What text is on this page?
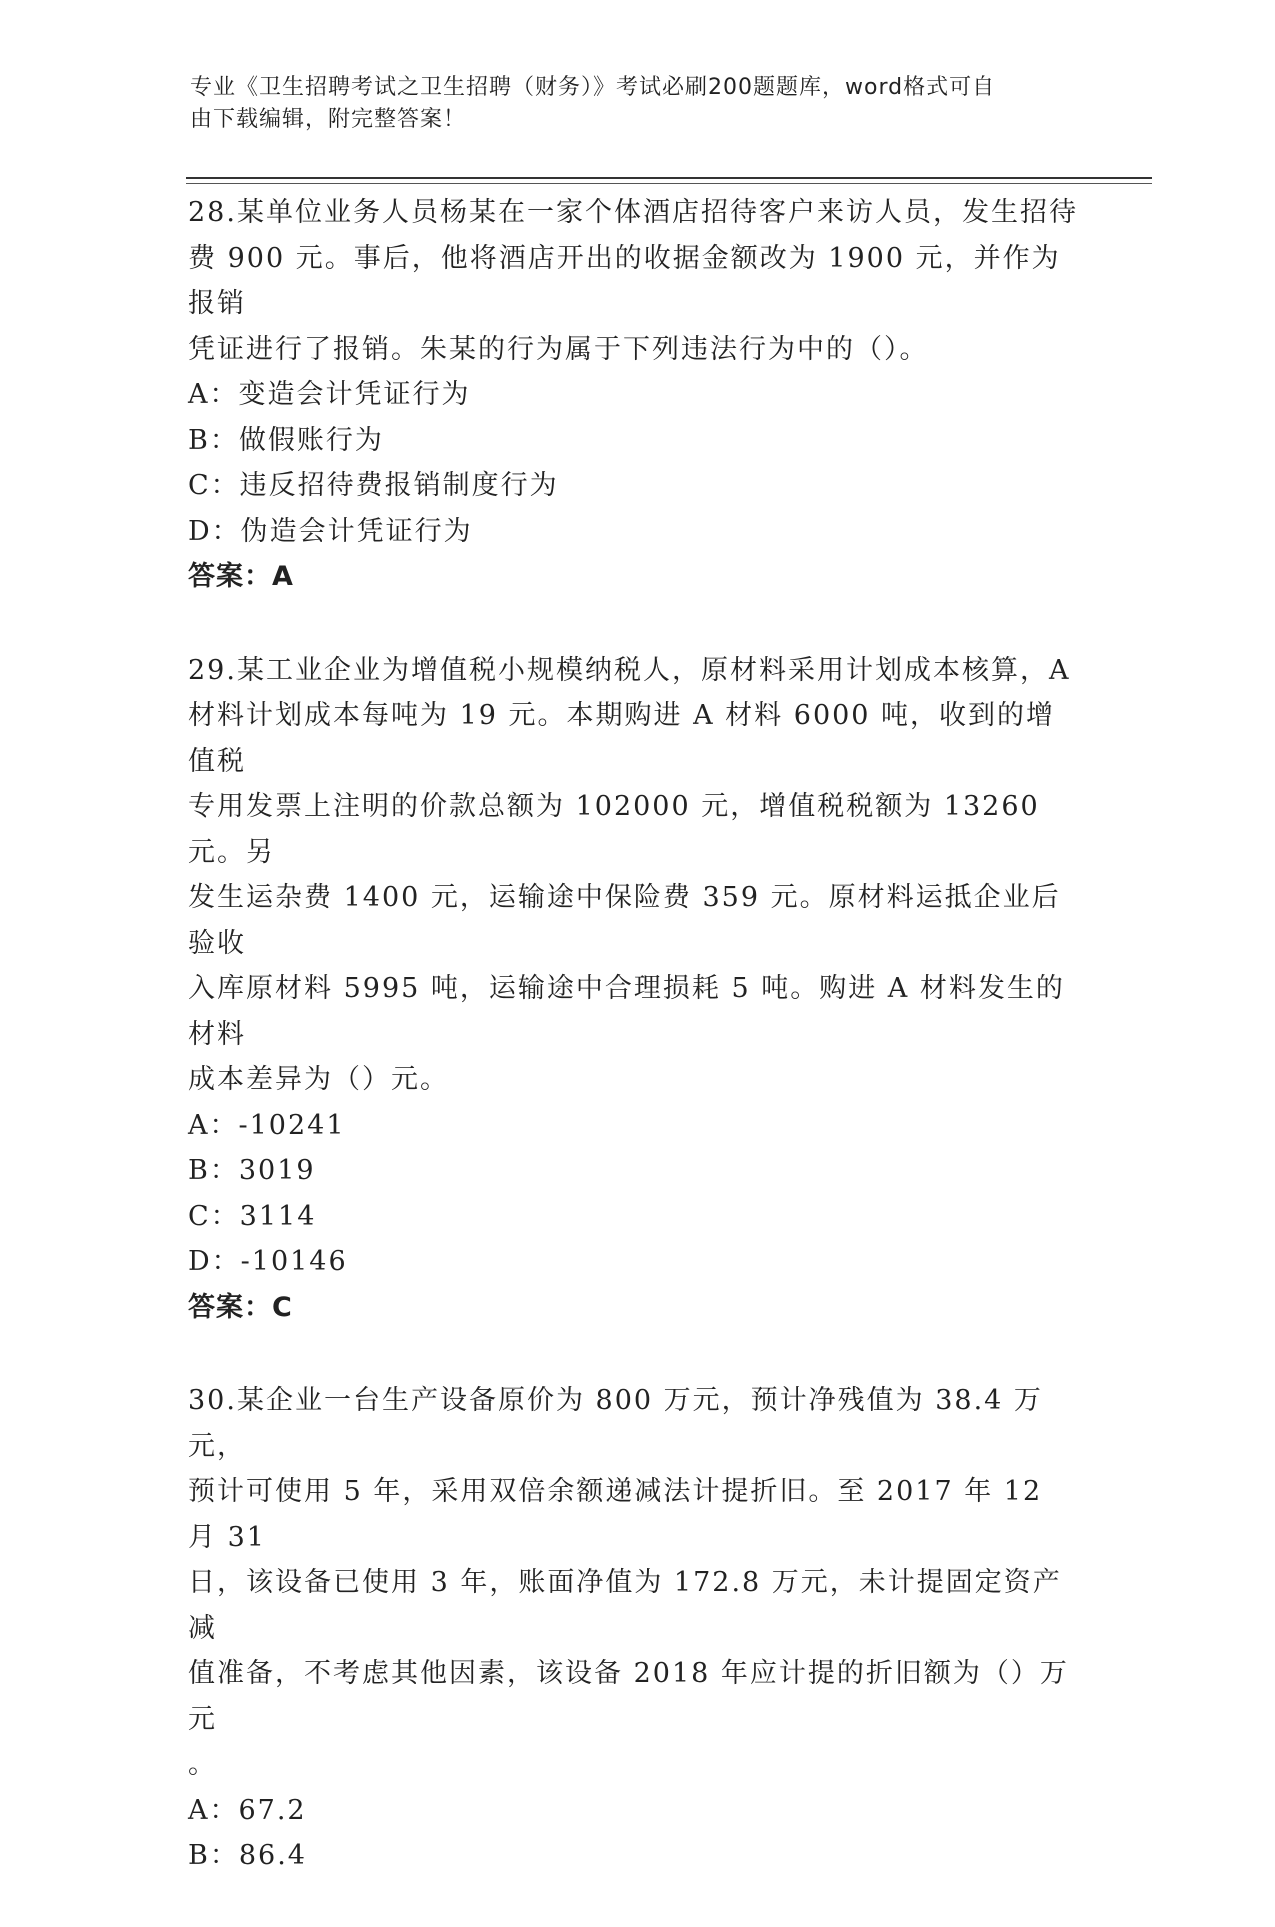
专业《卫生招聘考试之卫生招聘（财务）》考试必刷200题题库，word格式可自
由下载编辑，附完整答案！

28.某单位业务人员杨某在一家个体酒店招待客户来访人员，发生招待

费 900 元。事后，他将酒店开出的收据金额改为 1900 元，并作为报销

凭证进行了报销。朱某的行为属于下列违法行为中的（）。

A：变造会计凭证行为

B：做假账行为

C：违反招待费报销制度行为

D：伪造会计凭证行为

答案：A

29.某工业企业为增值税小规模纳税人，原材料采用计划成本核算，A

材料计划成本每吨为 19 元。本期购进 A 材料 6000 吨，收到的增值税

专用发票上注明的价款总额为 102000 元，增值税税额为 13260 元。另

发生运杂费 1400 元，运输途中保险费 359 元。原材料运抵企业后验收

入库原材料 5995 吨，运输途中合理损耗 5 吨。购进 A 材料发生的材料

成本差异为（）元。

A：-10241

B：3019

C：3114

D：-10146

答案：C

30.某企业一台生产设备原价为 800 万元，预计净残值为 38.4 万元，

预计可使用 5 年，采用双倍余额递减法计提折旧。至 2017 年 12 月 31

日，该设备已使用 3 年，账面净值为 172.8 万元，未计提固定资产减

值准备，不考虑其他因素，该设备 2018 年应计提的折旧额为（）万元

。

A：67.2

B：86.4
